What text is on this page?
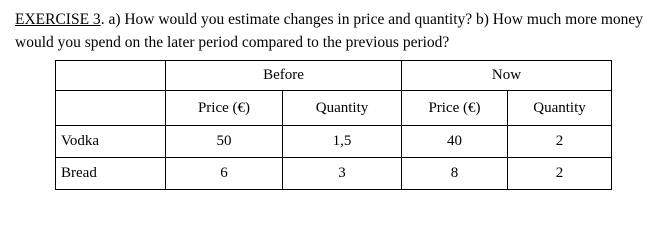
EXERCISE 3. a) How would you estimate changes in price and quantity? b) How much more money would you spend on the later period compared to the previous period?

	Before		Now	
	Price (€)	Quantity	Price (€)	Quantity
Vodka	50	1,5	40	2
Bread	6	3	8	2
